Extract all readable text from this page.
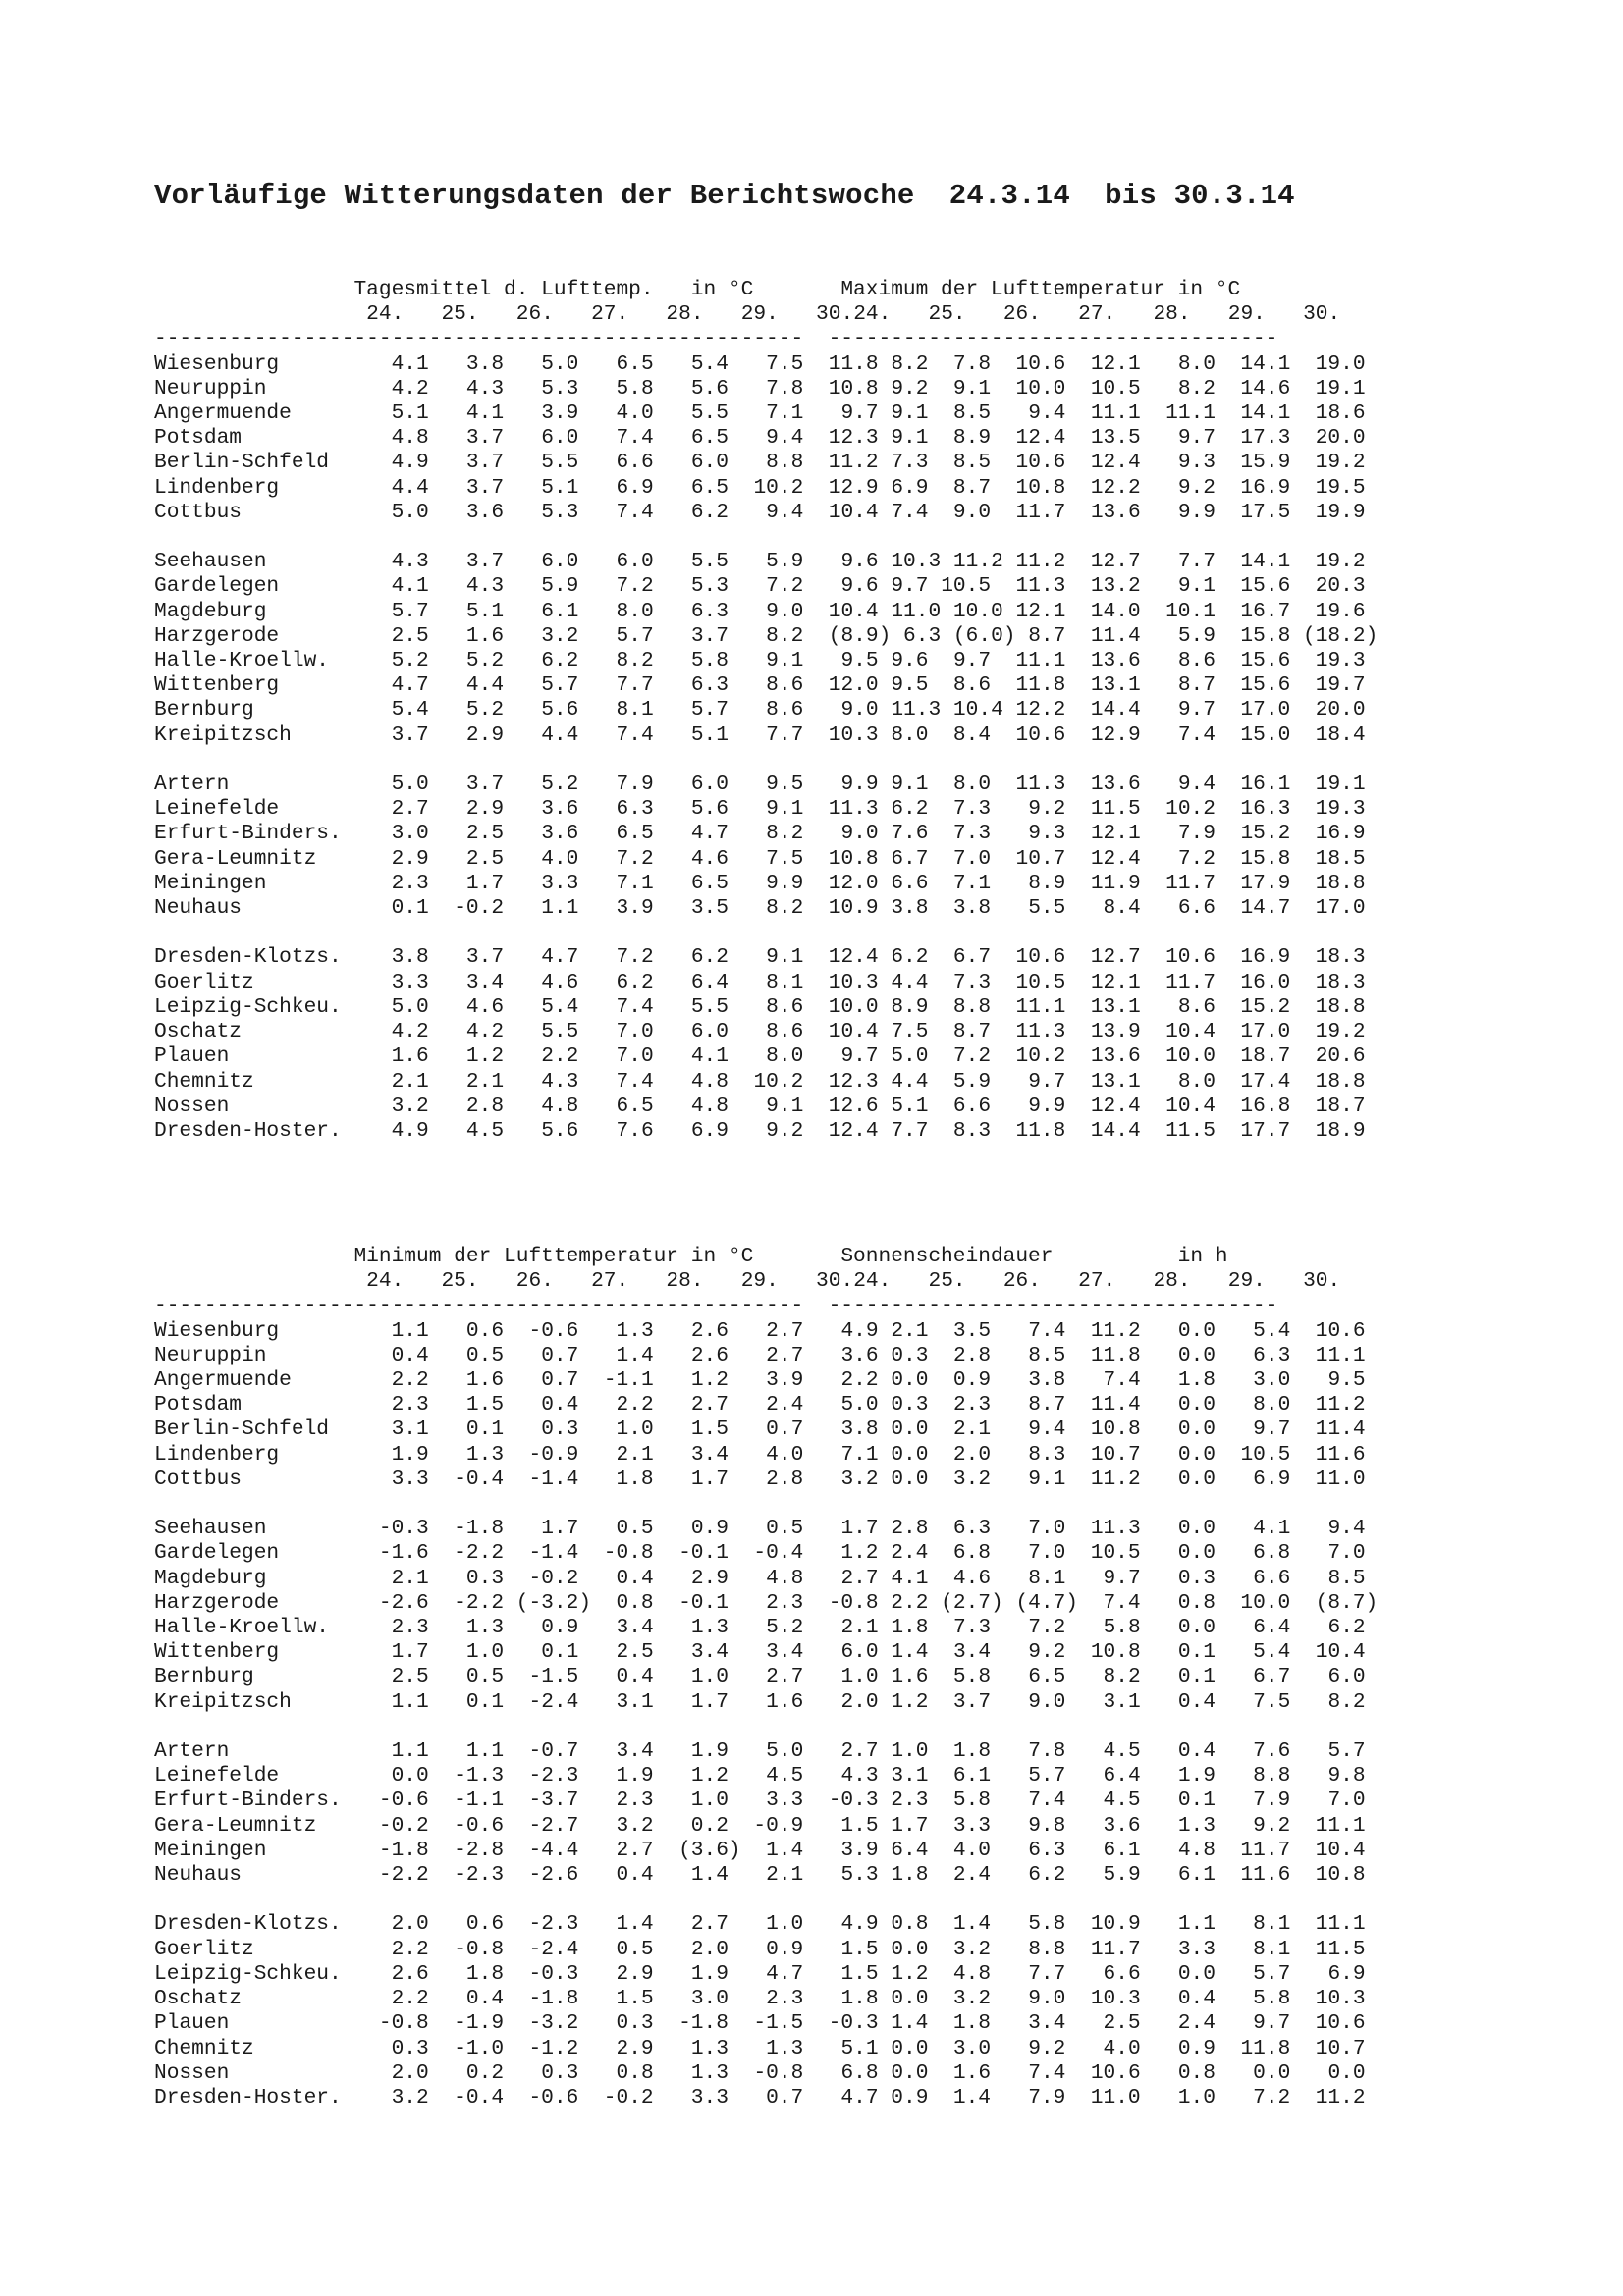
Vorläufige Witterungsdaten der Berichtswoche  24.3.14  bis 30.3.14
Tagesmittel d. Lufttemp. in °C	Maximum der Lufttemperatur in °C
24. 25. 26. 27. 28. 29. 30.24. 25. 26. 27. 28. 29. 30.
----------------------------------------------------  ------------------------------------
Wiesenburg	4.1 3.8 5.0 6.5 5.4 7.5 11.8 8.2 7.8 10.6 12.1 8.0 14.1 19.0
Neuruppin	4.2 4.3 5.3 5.8 5.6 7.8 10.8 9.2 9.1 10.0 10.5 8.2 14.6 19.1
Angermuende	5.1 4.1 3.9 4.0 5.5 7.1 9.7 9.1 8.5 9.4 11.1 11.1 14.1 18.6
Potsdam	4.8 3.7 6.0 7.4 6.5 9.4 12.3 9.1 8.9 12.4 13.5 9.7 17.3 20.0
Berlin-Schfeld	4.9 3.7 5.5 6.6 6.0 8.8 11.2 7.3 8.5 10.6 12.4 9.3 15.9 19.2
Lindenberg	4.4 3.7 5.1 6.9 6.5 10.2 12.9 6.9 8.7 10.8 12.2 9.2 16.9 19.5
Cottbus	5.0 3.6 5.3 7.4 6.2 9.4 10.4 7.4 9.0 11.7 13.6 9.9 17.5 19.9

Seehausen	4.3 3.7 6.0 6.0 5.5 5.9 9.6 10.3 11.2 11.2 12.7 7.7 14.1 19.2
Gardelegen	4.1 4.3 5.9 7.2 5.3 7.2 9.6 9.7 10.5 11.3 13.2 9.1 15.6 20.3
Magdeburg	5.7 5.1 6.1 8.0 6.3 9.0 10.4 11.0 10.0 12.1 14.0 10.1 16.7 19.6
Harzgerode	2.5 1.6 3.2 5.7 3.7 8.2 (8.9) 6.3 (6.0) 8.7 11.4 5.9 15.8 (18.2)
Halle-Kroellw.	5.2 5.2 6.2 8.2 5.8 9.1 9.5 9.6 9.7 11.1 13.6 8.6 15.6 19.3
Wittenberg	4.7 4.4 5.7 7.7 6.3 8.6 12.0 9.5 8.6 11.8 13.1 8.7 15.6 19.7
Bernburg	5.4 5.2 5.6 8.1 5.7 8.6 9.0 11.3 10.4 12.2 14.4 9.7 17.0 20.0
Kreipitzsch	3.7 2.9 4.4 7.4 5.1 7.7 10.3 8.0 8.4 10.6 12.9 7.4 15.0 18.4

Artern	5.0 3.7 5.2 7.9 6.0 9.5 9.9 9.1 8.0 11.3 13.6 9.4 16.1 19.1
Leinefelde	2.7 2.9 3.6 6.3 5.6 9.1 11.3 6.2 7.3 9.2 11.5 10.2 16.3 19.3
Erfurt-Binders. 3.0 2.5 3.6 6.5 4.7 8.2 9.0 7.6 7.3 9.3 12.1 7.9 15.2 16.9
Gera-Leumnitz	2.9 2.5 4.0 7.2 4.6 7.5 10.8 6.7 7.0 10.7 12.4 7.2 15.8 18.5
Meiningen	2.3 1.7 3.3 7.1 6.5 9.9 12.0 6.6 7.1 8.9 11.9 11.7 17.9 18.8
Neuhaus	0.1 -0.2 1.1 3.9 3.5 8.2 10.9 3.8 3.8 5.5 8.4 6.6 14.7 17.0

Dresden-Klotzs. 3.8 3.7 4.7 7.2 6.2 9.1 12.4 6.2 6.7 10.6 12.7 10.6 16.9 18.3
Goerlitz	3.3 3.4 4.6 6.2 6.4 8.1 10.3 4.4 7.3 10.5 12.1 11.7 16.0 18.3
Leipzig-Schkeu. 5.0 4.6 5.4 7.4 5.5 8.6 10.0 8.9 8.8 11.1 13.1 8.6 15.2 18.8
Oschatz	4.2 4.2 5.5 7.0 6.0 8.6 10.4 7.5 8.7 11.3 13.9 10.4 17.0 19.2
Plauen	1.6 1.2 2.2 7.0 4.1 8.0 9.7 5.0 7.2 10.2 13.6 10.0 18.7 20.6
Chemnitz	2.1 2.1 4.3 7.4 4.8 10.2 12.3 4.4 5.9 9.7 13.1 8.0 17.4 18.8
Nossen	3.2 2.8 4.8 6.5 4.8 9.1 12.6 5.1 6.6 9.9 12.4 10.4 16.8 18.7
Dresden-Hoster. 4.9 4.5 5.6 7.6 6.9 9.2 12.4 7.7 8.3 11.8 14.4 11.5 17.7 18.9

Minimum der Lufttemperatur in °C	Sonnenscheindauer	in h
24. 25. 26. 27. 28. 29. 30.24. 25. 26. 27. 28. 29. 30.
----------------------------------------------------  ------------------------------------
Wiesenburg	1.1 0.6 -0.6 1.3 2.6 2.7 4.9 2.1 3.5 7.4 11.2 0.0 5.4 10.6
Neuruppin	0.4 0.5 0.7 1.4 2.6 2.7 3.6 0.3 2.8 8.5 11.8 0.0 6.3 11.1
Angermuende	2.2 1.6 0.7 -1.1 1.2 3.9 2.2 0.0 0.9 3.8 7.4 1.8 3.0 9.5
Potsdam	2.3 1.5 0.4 2.2 2.7 2.4 5.0 0.3 2.3 8.7 11.4 0.0 8.0 11.2
Berlin-Schfeld	3.1 0.1 0.3 1.0 1.5 0.7 3.8 0.0 2.1 9.4 10.8 0.0 9.7 11.4
Lindenberg	1.9 1.3 -0.9 2.1 3.4 4.0 7.1 0.0 2.0 8.3 10.7 0.0 10.5 11.6
Cottbus	3.3 -0.4 -1.4 1.8 1.7 2.8 3.2 0.0 3.2 9.1 11.2 0.0 6.9 11.0

Seehausen	-0.3 -1.8 1.7 0.5 0.9 0.5 1.7 2.8 6.3 7.0 11.3 0.0 4.1 9.4
Gardelegen	-1.6 -2.2 -1.4 -0.8 -0.1 -0.4 1.2 2.4 6.8 7.0 10.5 0.0 6.8 7.0
Magdeburg	2.1 0.3 -0.2 0.4 2.9 4.8 2.7 4.1 4.6 8.1 9.7 0.3 6.6 8.5
Harzgerode	-2.6 -2.2 (-3.2) 0.8 -0.1 2.3 -0.8 2.2 (2.7) (4.7) 7.4 0.8 10.0 (8.7)
Halle-Kroellw.	2.3 1.3 0.9 3.4 1.3 5.2 2.1 1.8 7.3 7.2 5.8 0.0 6.4 6.2
Wittenberg	1.7 1.0 0.1 2.5 3.4 3.4 6.0 1.4 3.4 9.2 10.8 0.1 5.4 10.4
Bernburg	2.5 0.5 -1.5 0.4 1.0 2.7 1.0 1.6 5.8 6.5 8.2 0.1 6.7 6.0
Kreipitzsch	1.1 0.1 -2.4 3.1 1.7 1.6 2.0 1.2 3.7 9.0 3.1 0.4 7.5 8.2

Artern	1.1 1.1 -0.7 3.4 1.9 5.0 2.7 1.0 1.8 7.8 4.5 0.4 7.6 5.7
Leinefelde	0.0 -1.3 -2.3 1.9 1.2 4.5 4.3 3.1 6.1 5.7 6.4 1.9 8.8 9.8
Erfurt-Binders. -0.6 -1.1 -3.7 2.3 1.0 3.3 -0.3 2.3 5.8 7.4 4.5 0.1 7.9 7.0
Gera-Leumnitz	-0.2 -0.6 -2.7 3.2 0.2 -0.9 1.5 1.7 3.3 9.8 3.6 1.3 9.2 11.1
Meiningen	-1.8 -2.8 -4.4 2.7 (3.6) 1.4 3.9 6.4 4.0 6.3 6.1 4.8 11.7 10.4
Neuhaus	-2.2 -2.3 -2.6 0.4 1.4 2.1 5.3 1.8 2.4 6.2 5.9 6.1 11.6 10.8

Dresden-Klotzs. 2.0 0.6 -2.3 1.4 2.7 1.0 4.9 0.8 1.4 5.8 10.9 1.1 8.1 11.1
Goerlitz	2.2 -0.8 -2.4 0.5 2.0 0.9 1.5 0.0 3.2 8.8 11.7 3.3 8.1 11.5
Leipzig-Schkeu. 2.6 1.8 -0.3 2.9 1.9 4.7 1.5 1.2 4.8 7.7 6.6 0.0 5.7 6.9
Oschatz	2.2 0.4 -1.8 1.5 3.0 2.3 1.8 0.0 3.2 9.0 10.3 0.4 5.8 10.3
Plauen	-0.8 -1.9 -3.2 0.3 -1.8 -1.5 -0.3 1.4 1.8 3.4 2.5 2.4 9.7 10.6
Chemnitz	0.3 -1.0 -1.2 2.9 1.3 1.3 5.1 0.0 3.0 9.2 4.0 0.9 11.8 10.7
Nossen	2.0 0.2 0.3 0.8 1.3 -0.8 6.8 0.0 1.6 7.4 10.6 0.8 0.0 0.0
Dresden-Hoster. 3.2 -0.4 -0.6 -0.2 3.3 0.7 4.7 0.9 1.4 7.9 11.0 1.0 7.2 11.2
